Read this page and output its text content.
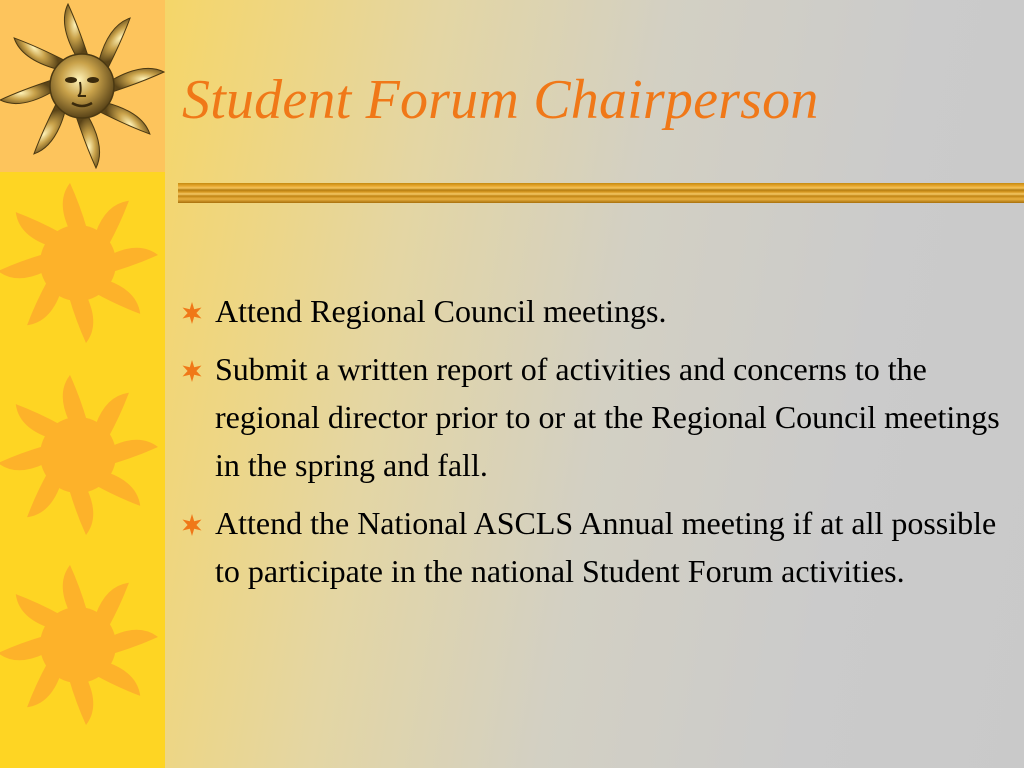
Student Forum Chairperson
Attend Regional Council meetings.
Submit a written report of activities and concerns to the regional director prior to or at the Regional Council meetings in the spring and fall.
Attend the National ASCLS Annual meeting if at all possible to participate in the national Student Forum activities.
